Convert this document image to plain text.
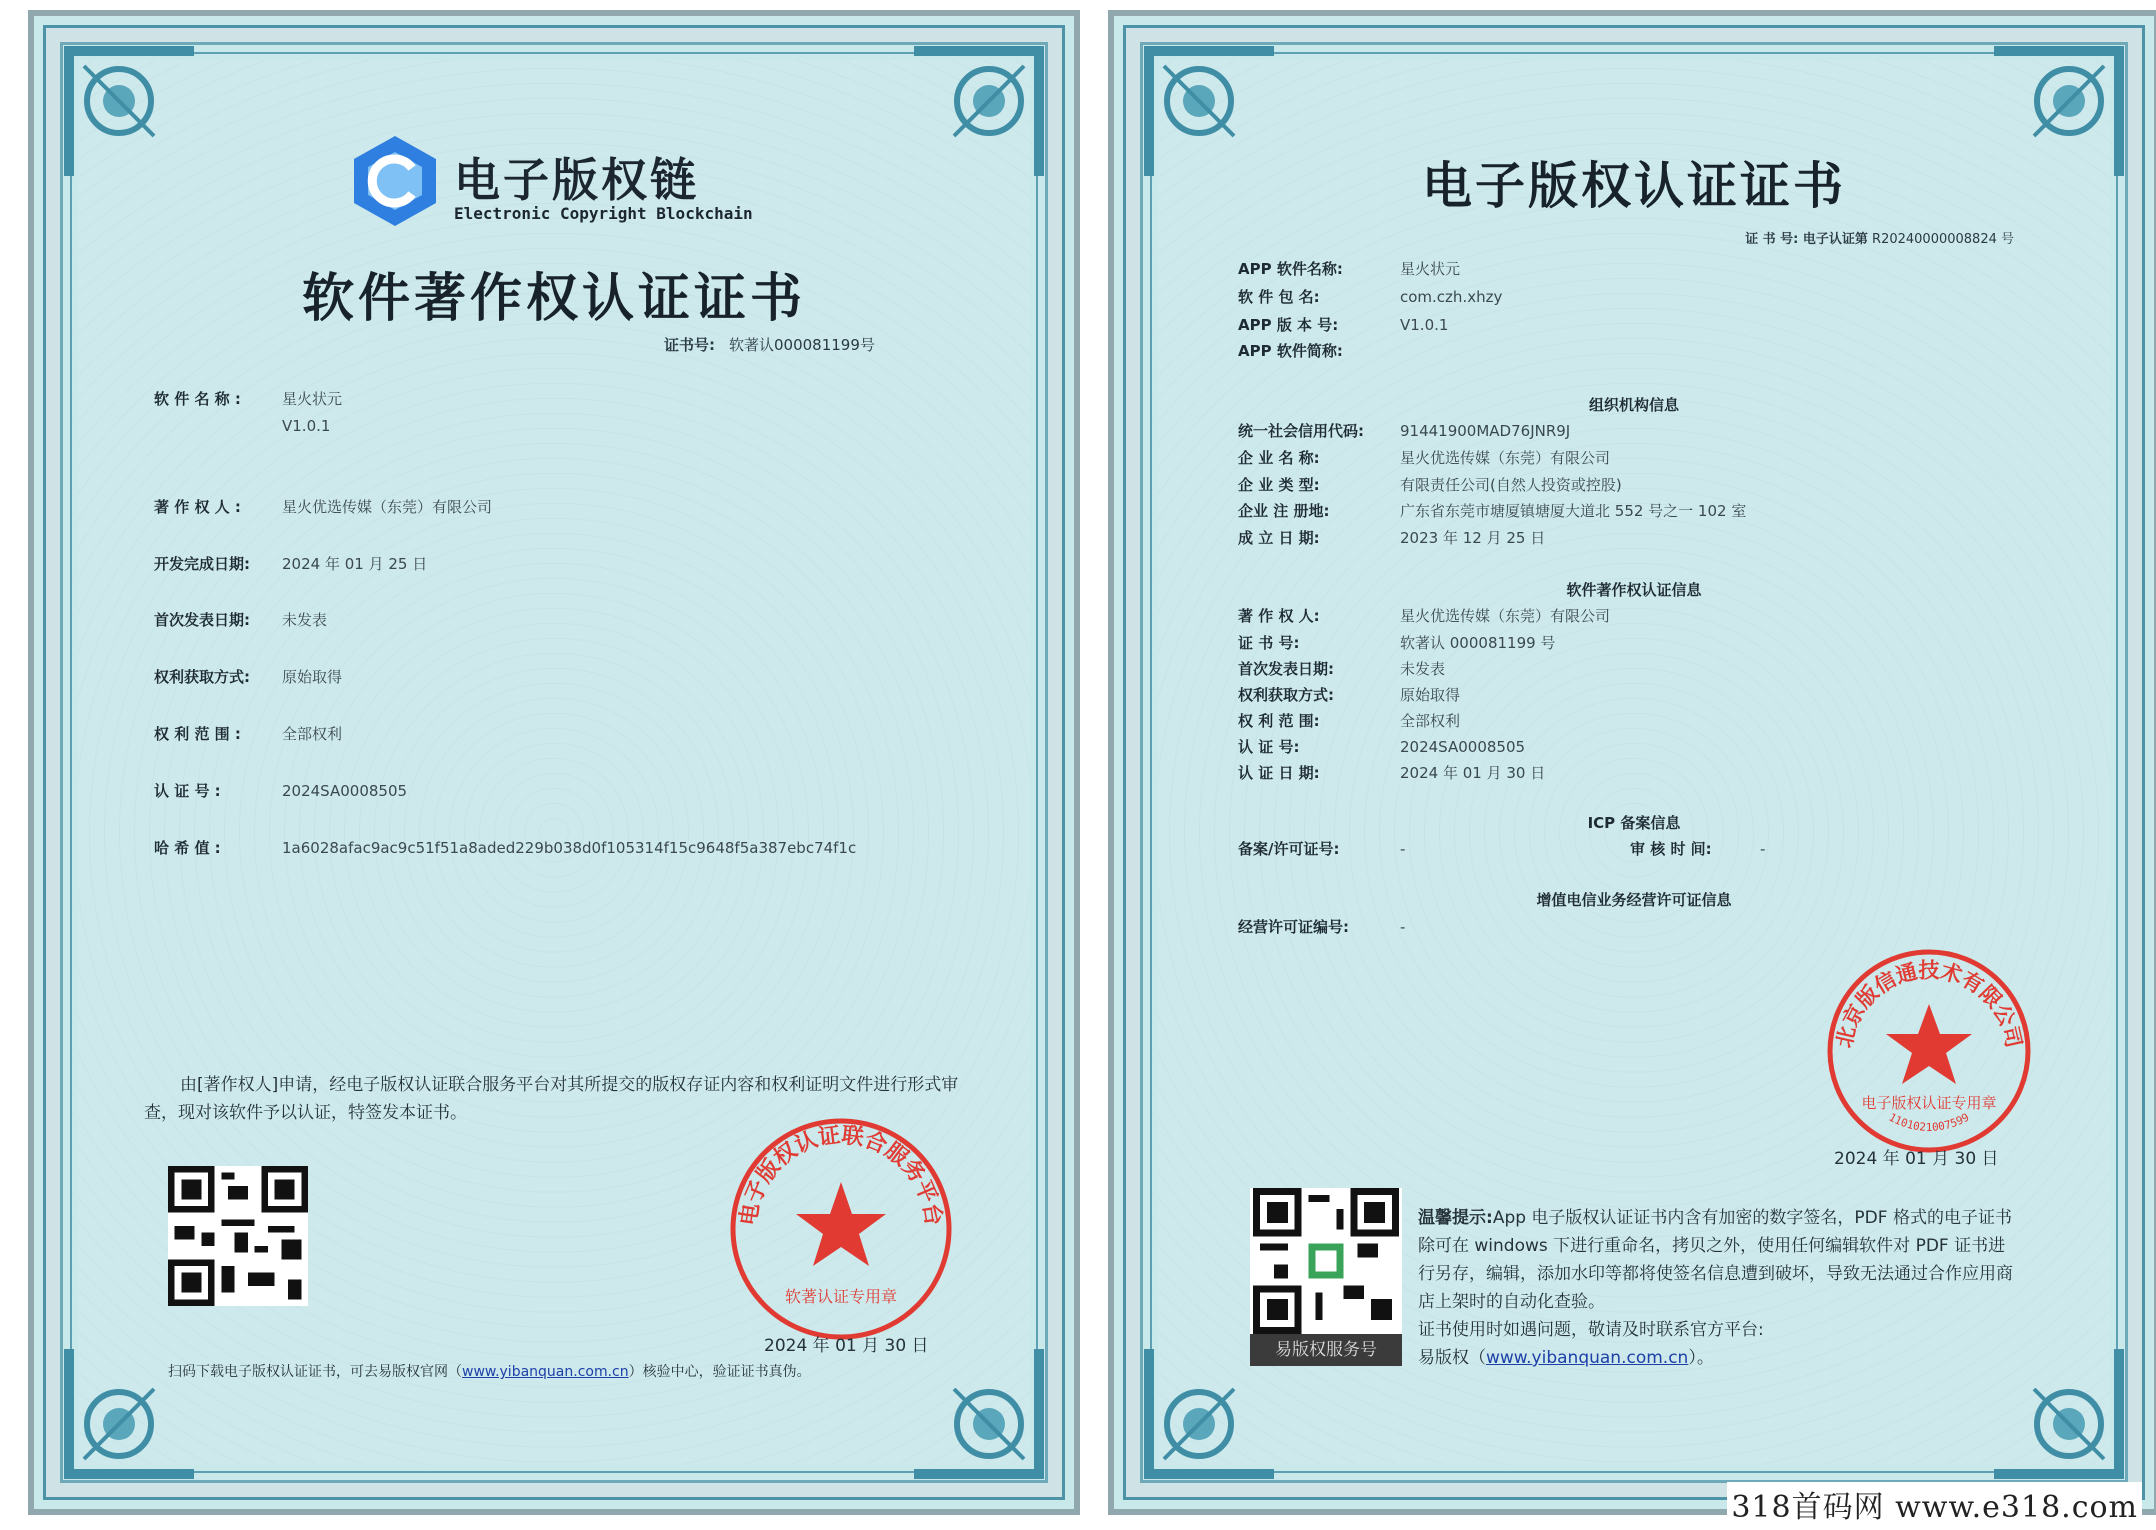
电子版权链
Electronic Copyright Blockchain
软件著作权认证证书
证书号: 软著认000081199号
软 件 名 称 :	星火状元
V1.0.1
著 作 权 人 :	星火优选传媒（东莞）有限公司
开发完成日期: 2024 年 01 月 25 日
首次发表日期: 未发表
权利获取方式: 原始取得
权 利 范 围 :	全部权利
认 证 号 :	2024SA0008505
哈 希 值 :	1a6028afac9ac9c51f51a8aded229b038d0f105314f15c9648f5a387ebc74f1c
由[著作权人]申请，经电子版权认证联合服务平台对其所提交的版权存证内容和权利证明文件进行形式审查，现对该软件予以认证，特签发本证书。
电子版权认证联合服务平台
软著认证专用章
2024 年 01 月 30 日
扫码下载电子版权认证证书，可去易版权官网（www.yibanquan.com.cn）核验中心，验证证书真伪。
电子版权认证证书
证 书 号: 电子认证第 R20240000008824 号
APP 软件名称:	星火状元
软 件 包 名:	com.czh.xhzy
APP 版 本 号:	V1.0.1
APP 软件简称:
组织机构信息
统一社会信用代码: 91441900MAD76JNR9J
企 业 名 称:	星火优选传媒（东莞）有限公司
企 业 类 型:	有限责任公司(自然人投资或控股)
企业 注 册地:	广东省东莞市塘厦镇塘厦大道北 552 号之一 102 室
成 立 日 期:	2023 年 12 月 25 日
软件著作权认证信息
著 作 权 人:	星火优选传媒（东莞）有限公司
证 书 号:	软著认 000081199 号
首次发表日期:	未发表
权利获取方式:	原始取得
权 利 范 围:	全部权利
认 证 号:	2024SA0008505
认 证 日 期:	2024 年 01 月 30 日
ICP 备案信息
备案/许可证号:	-	审 核 时 间:	-
增值电信业务经营许可证信息
经营许可证编号:	-
北京版信通技术有限公司
电子版权认证专用章
1101021007599
2024 年 01 月 30 日
易版权服务号
温馨提示:App 电子版权认证证书内含有加密的数字签名，PDF 格式的电子证书除可在 windows 下进行重命名，拷贝之外，使用任何编辑软件对 PDF 证书进行另存，编辑，添加水印等都将使签名信息遭到破坏，导致无法通过合作应用商店上架时的自动化查验。
证书使用时如遇问题，敬请及时联系官方平台:
易版权（www.yibanquan.com.cn）。
318首码网 www.e318.com
